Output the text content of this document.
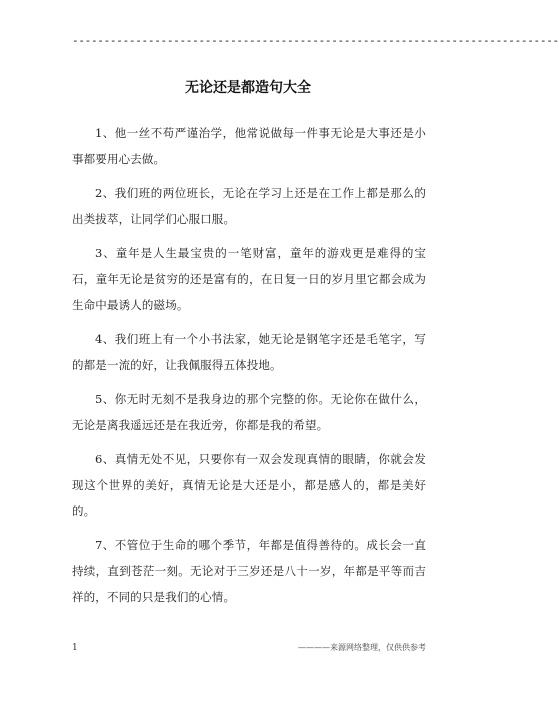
-----------------------------------------------------------------------------
无论还是都造句大全

1、他一丝不苟严谨治学，他常说做每一件事无论是大事还是小事都要用心去做。

2、我们班的两位班长，无论在学习上还是在工作上都是那么的出类拔萃，让同学们心服口服。

3、童年是人生最宝贵的一笔财富，童年的游戏更是难得的宝石，童年无论是贫穷的还是富有的，在日复一日的岁月里它都会成为生命中最诱人的磁场。

4、我们班上有一个小书法家，她无论是钢笔字还是毛笔字，写的都是一流的好，让我佩服得五体投地。

5、你无时无刻不是我身边的那个完整的你。无论你在做什么，无论是离我遥远还是在我近旁，你都是我的希望。

6、真情无处不见，只要你有一双会发现真情的眼睛，你就会发现这个世界的美好，真情无论是大还是小，都是感人的，都是美好的。

7、不管位于生命的哪个季节，年都是值得善待的。成长会一直持续，直到苍茫一刻。无论对于三岁还是八十一岁，年都是平等而吉祥的，不同的只是我们的心情。

1	————来源网络整理，仅供供参考
